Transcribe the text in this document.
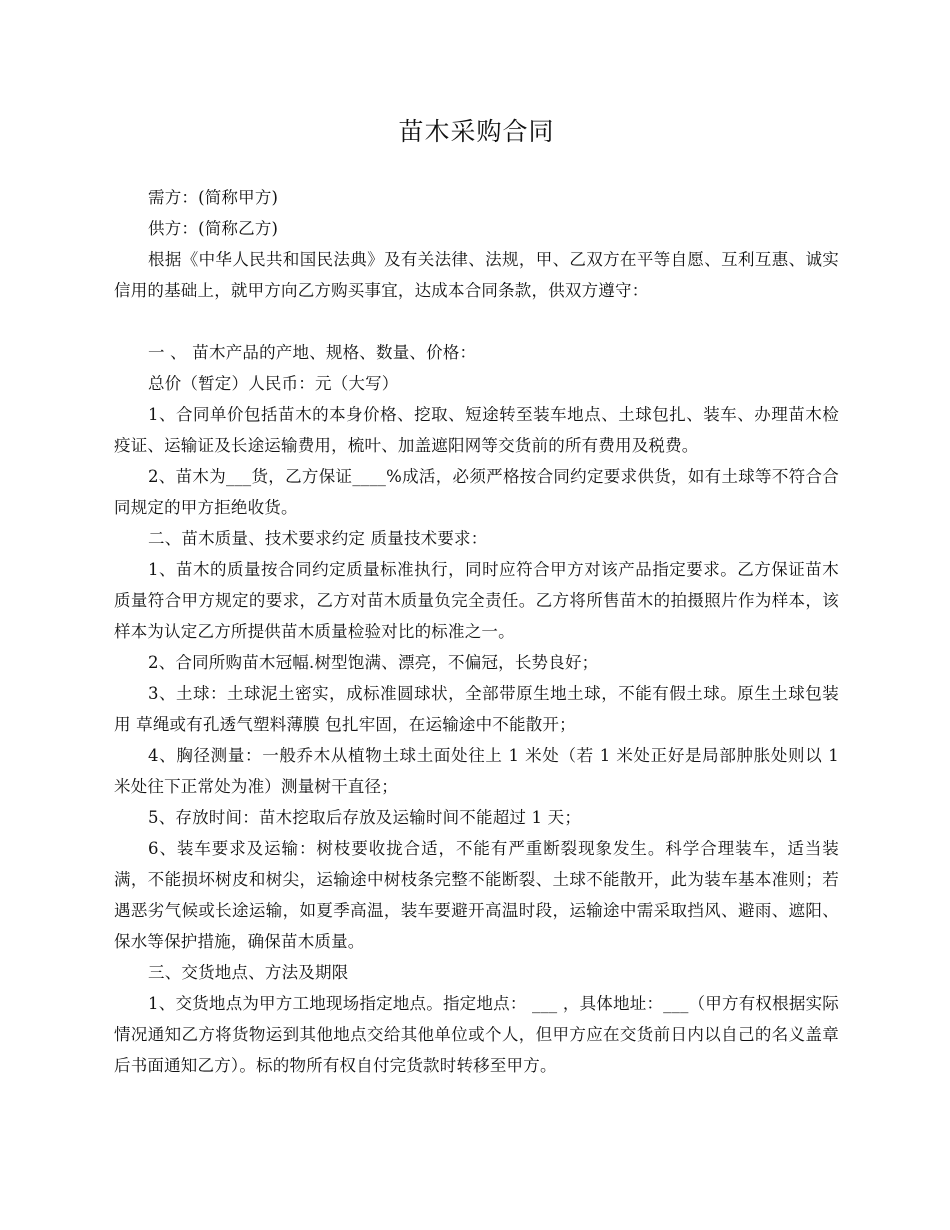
苗木采购合同

需方：(简称甲方)

供方：(简称乙方)

根据《中华人民共和国民法典》及有关法律、法规，甲、乙双方在平等自愿、互利互惠、诚实信用的基础上，就甲方向乙方购买事宜，达成本合同条款，供双方遵守：

一 、 苗木产品的产地、规格、数量、价格：

总价（暂定）人民币：元（大写）

1、合同单价包括苗木的本身价格、挖取、短途转至装车地点、土球包扎、装车、办理苗木检疫证、运输证及长途运输费用，梳叶、加盖遮阳网等交货前的所有费用及税费。

2、苗木为___货，乙方保证____%成活，必须严格按合同约定要求供货，如有土球等不符合合同规定的甲方拒绝收货。

二、苗木质量、技术要求约定 质量技术要求：

1、苗木的质量按合同约定质量标准执行，同时应符合甲方对该产品指定要求。乙方保证苗木质量符合甲方规定的要求，乙方对苗木质量负完全责任。乙方将所售苗木的拍摄照片作为样本，该样本为认定乙方所提供苗木质量检验对比的标准之一。

2、合同所购苗木冠幅.树型饱满、漂亮，不偏冠，长势良好；

3、土球：土球泥土密实，成标准圆球状，全部带原生地土球，不能有假土球。原生土球包装用 草绳或有孔透气塑料薄膜 包扎牢固，在运输途中不能散开；

4、胸径测量：一般乔木从植物土球土面处往上 1 米处（若 1 米处正好是局部肿胀处则以 1 米处往下正常处为准）测量树干直径；

5、存放时间：苗木挖取后存放及运输时间不能超过 1 天；

6、装车要求及运输：树枝要收拢合适，不能有严重断裂现象发生。科学合理装车，适当装满，不能损坏树皮和树尖，运输途中树枝条完整不能断裂、土球不能散开，此为装车基本准则；若遇恶劣气候或长途运输，如夏季高温，装车要避开高温时段，运输途中需采取挡风、避雨、遮阳、保水等保护措施，确保苗木质量。

三、交货地点、方法及期限

1、交货地点为甲方工地现场指定地点。指定地点： ___ ，具体地址：___（甲方有权根据实际情况通知乙方将货物运到其他地点交给其他单位或个人，但甲方应在交货前日内以自己的名义盖章后书面通知乙方）。标的物所有权自付完货款时转移至甲方。
